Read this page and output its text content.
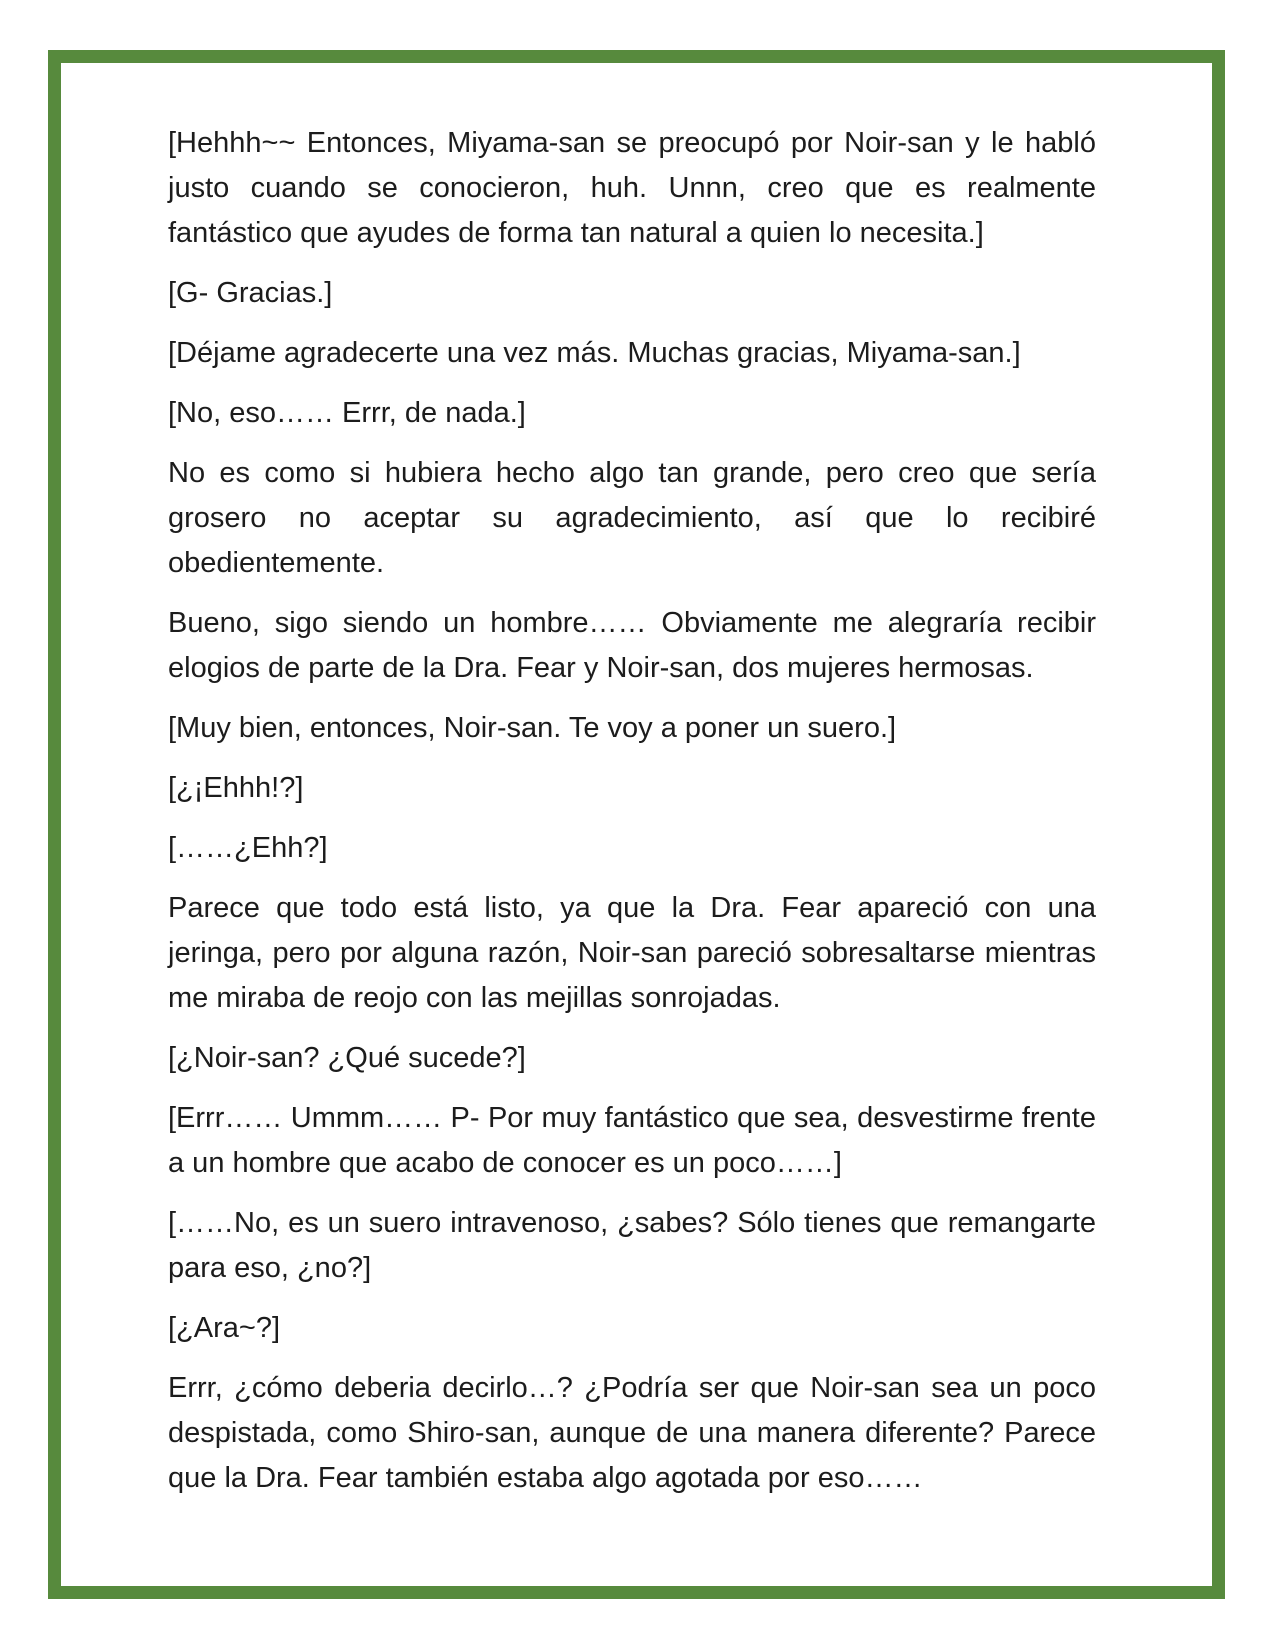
[Hehhh~~ Entonces, Miyama-san se preocupó por Noir-san y le habló justo cuando se conocieron, huh. Unnn, creo que es realmente fantástico que ayudes de forma tan natural a quien lo necesita.]

[G- Gracias.]

[Déjame agradecerte una vez más. Muchas gracias, Miyama-san.]

[No, eso…… Errr, de nada.]

No es como si hubiera hecho algo tan grande, pero creo que sería grosero no aceptar su agradecimiento, así que lo recibiré obedientemente.

Bueno, sigo siendo un hombre…… Obviamente me alegraría recibir elogios de parte de la Dra. Fear y Noir-san, dos mujeres hermosas.

[Muy bien, entonces, Noir-san. Te voy a poner un suero.]

[¿¡Ehhh!?]

[……¿Ehh?]

Parece que todo está listo, ya que la Dra. Fear apareció con una jeringa, pero por alguna razón, Noir-san pareció sobresaltarse mientras me miraba de reojo con las mejillas sonrojadas.

[¿Noir-san? ¿Qué sucede?]

[Errr…… Ummm…… P- Por muy fantástico que sea, desvestirme frente a un hombre que acabo de conocer es un poco……]

[……No, es un suero intravenoso, ¿sabes? Sólo tienes que remangarte para eso, ¿no?]

[¿Ara~?]

Errr, ¿cómo deberia decirlo…? ¿Podría ser que Noir-san sea un poco despistada, como Shiro-san, aunque de una manera diferente? Parece que la Dra. Fear también estaba algo agotada por eso……
